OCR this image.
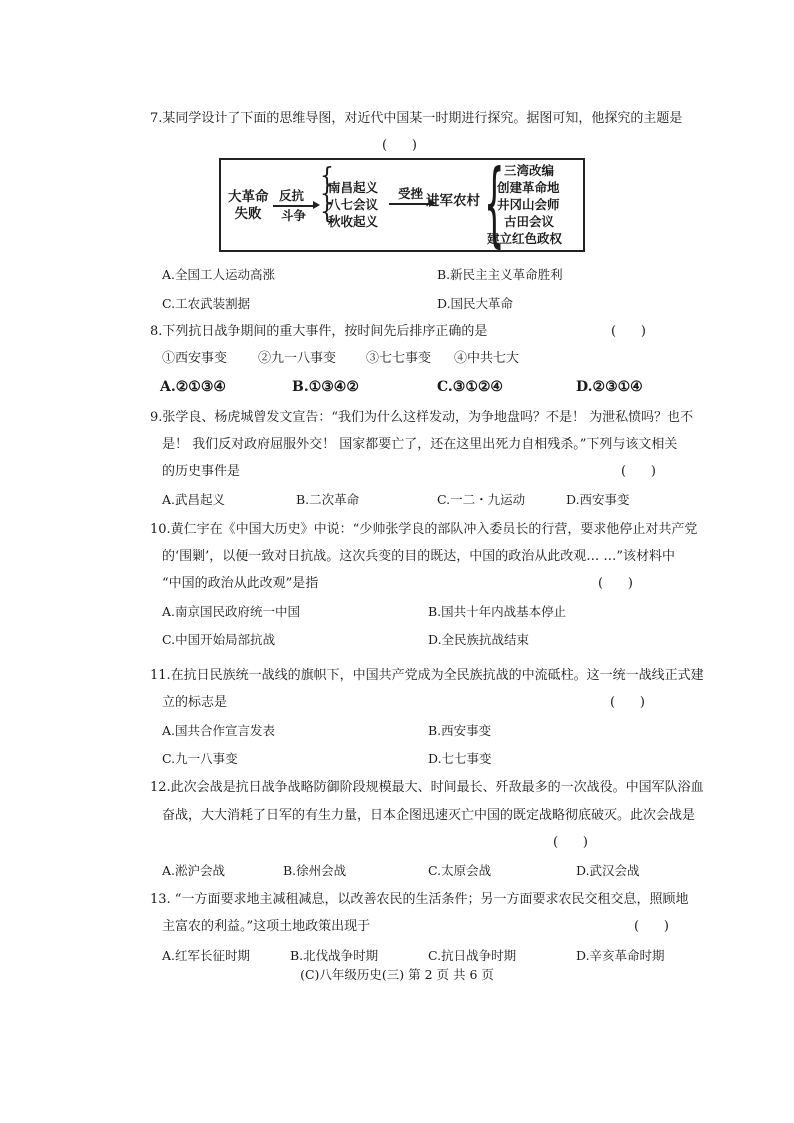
7.某同学设计了下面的思维导图，对近代中国某一时期进行探究。据图可知，他探究的主题是
(      )
大革命
失败
反抗
斗争
{
{
{
南昌起义
八七会议
秋收起义
受挫 进军农村 { 三湾改编
创建革命地
井冈山会师
古田会议
建立红色政权
A.全国工人运动高涨	B.新民主主义革命胜利
C.工农武装割据	D.国民大革命
8.下列抗日战争期间的重大事件，按时间先后排序正确的是	(      )
①西安事变 ②九一八事变 ③七七事变 ④中共七大
A.②①③④	B.①③④②	C.③①②④	D.②③①④
9.张学良、杨虎城曾发文宣告：“我们为什么这样发动，为争地盘吗？不是！ 为泄私愤吗？也不
是！ 我们反对政府屈服外交！ 国家都要亡了，还在这里出死力自相残杀。”下列与该文相关
的历史事件是	(      )
A.武昌起义	B.二次革命	C.一二・九运动	D.西安事变
10.黄仁宇在《中国大历史》中说：“少帅张学良的部队冲入委员长的行营，要求他停止对共产党
的‘围剿’，以便一致对日抗战。这次兵变的目的既达，中国的政治从此改观… …”该材料中
“中国的政治从此改观”是指	(      )
A.南京国民政府统一中国	B.国共十年内战基本停止
C.中国开始局部抗战	D.全民族抗战结束
11.在抗日民族统一战线的旗帜下，中国共产党成为全民族抗战的中流砥柱。这一统一战线正式建
立的标志是	(      )
A.国共合作宣言发表	B.西安事变
C.九一八事变	D.七七事变
12.此次会战是抗日战争战略防御阶段规模最大、时间最长、歼敌最多的一次战役。中国军队浴血
奋战，大大消耗了日军的有生力量，日本企图迅速灭亡中国的既定战略彻底破灭。此次会战是
(      )
A.淞沪会战	B.徐州会战	C.太原会战	D.武汉会战
13. “一方面要求地主减租减息，以改善农民的生活条件；另一方面要求农民交租交息，照顾地
主富农的利益。”这项土地政策出现于	(      )
A.红军长征时期	B.北伐战争时期	C.抗日战争时期	D.辛亥革命时期
(C)八年级历史(三) 第 2 页 共 6 页
